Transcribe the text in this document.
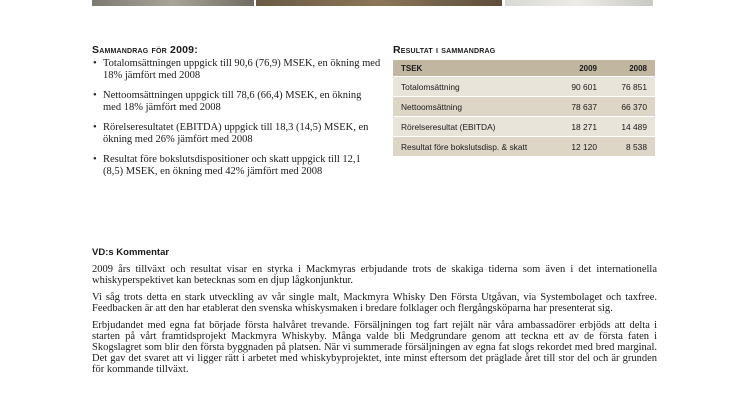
Sammandrag för 2009:
• Totalomsättningen uppgick till 90,6 (76,9) MSEK, en ökning med 18% jämfört med 2008
• Nettoomsättningen uppgick till 78,6 (66,4) MSEK, en ökning med 18% jämfört med 2008
• Rörelseresultatet (EBITDA) uppgick till 18,3 (14,5) MSEK, en ökning med 26% jämfört med 2008
• Resultat före bokslutsdispositioner och skatt uppgick till 12,1 (8,5) MSEK, en ökning med 42% jämfört med 2008
Resultat i sammandrag
TSEK	2009	2008
Totalomsättning	90 601	76 851
Nettoomsättning	78 637	66 370
Rörelseresultat (EBITDA)	18 271	14 489
Resultat före bokslutsdisp. & skatt	12 120	8 538
VD:s Kommentar

2009 års tillväxt och resultat visar en styrka i Mackmyras erbjudande trots de skakiga tiderna som även i det internationella whiskyperspektivet kan betecknas som en djup lågkonjunktur.

Vi såg trots detta en stark utveckling av vår single malt, Mackmyra Whisky Den Första Utgåvan, via Systembolaget och taxfree. Feedbacken är att den har etablerat den svenska whiskysmaken i bredare folklager och flergångsköparna har presenterat sig.

Erbjudandet med egna fat började första halvåret trevande. Försäljningen tog fart rejält när våra ambassadörer erbjöds att delta i starten på vårt framtidsprojekt Mackmyra Whiskyby. Många valde bli Medgrundare genom att teckna ett av de första faten i Skogslagret som blir den första byggnaden på platsen. När vi summerade försäljningen av egna fat slogs rekordet med bred marginal. Det gav det svaret att vi ligger rätt i arbetet med whiskybyprojektet, inte minst eftersom det präglade året till stor del och är grunden för kommande tillväxt.
